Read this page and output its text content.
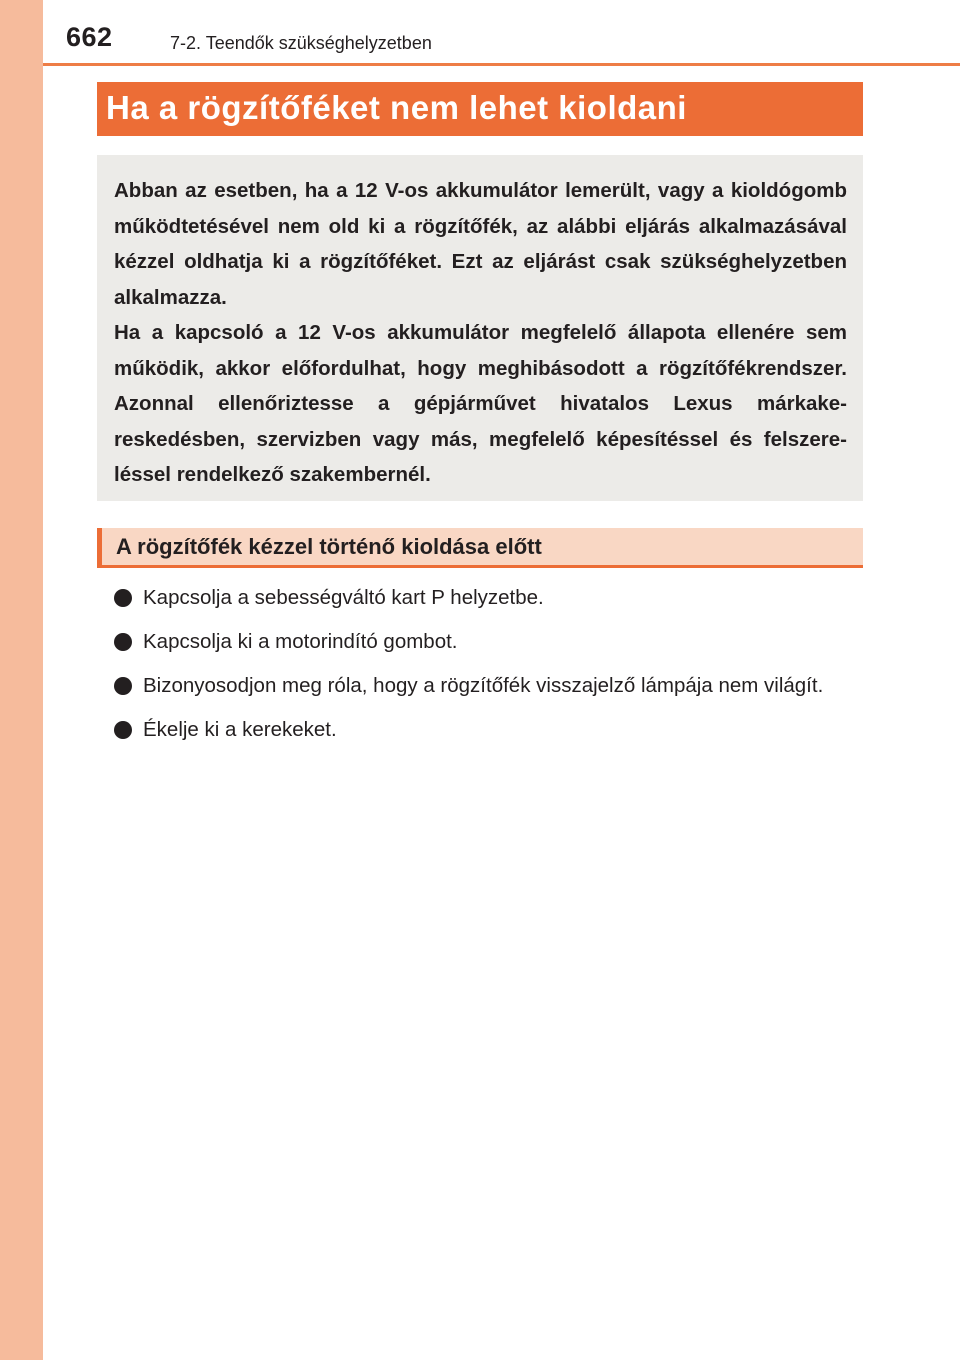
662	7-2. Teendők szükséghelyzetben
Ha a rögzítőféket nem lehet kioldani

Abban az esetben, ha a 12 V-os akkumulátor lemerült, vagy a kioldógomb működtetésével nem old ki a rögzítőfék, az alábbi eljárás alkalmazásával kézzel oldhatja ki a rögzítőféket. Ezt az eljárást csak szükséghelyzetben alkalmazza.

Ha a kapcsoló a 12 V-os akkumulátor megfelelő állapota ellenére sem működik, akkor előfordulhat, hogy meghibásodott a rögzítőfékrendszer. Azonnal ellenőriztesse a gépjárművet hivatalos Lexus márkakereskedésben, szervizben vagy más, megfelelő képesítéssel és felszereléssel rendelkező szakembernél.

A rögzítőfék kézzel történő kioldása előtt
Kapcsolja a sebességváltó kart P helyzetbe.
Kapcsolja ki a motorindító gombot.
Bizonyosodjon meg róla, hogy a rögzítőfék visszajelző lámpája nem világít.
Ékelje ki a kerekeket.
